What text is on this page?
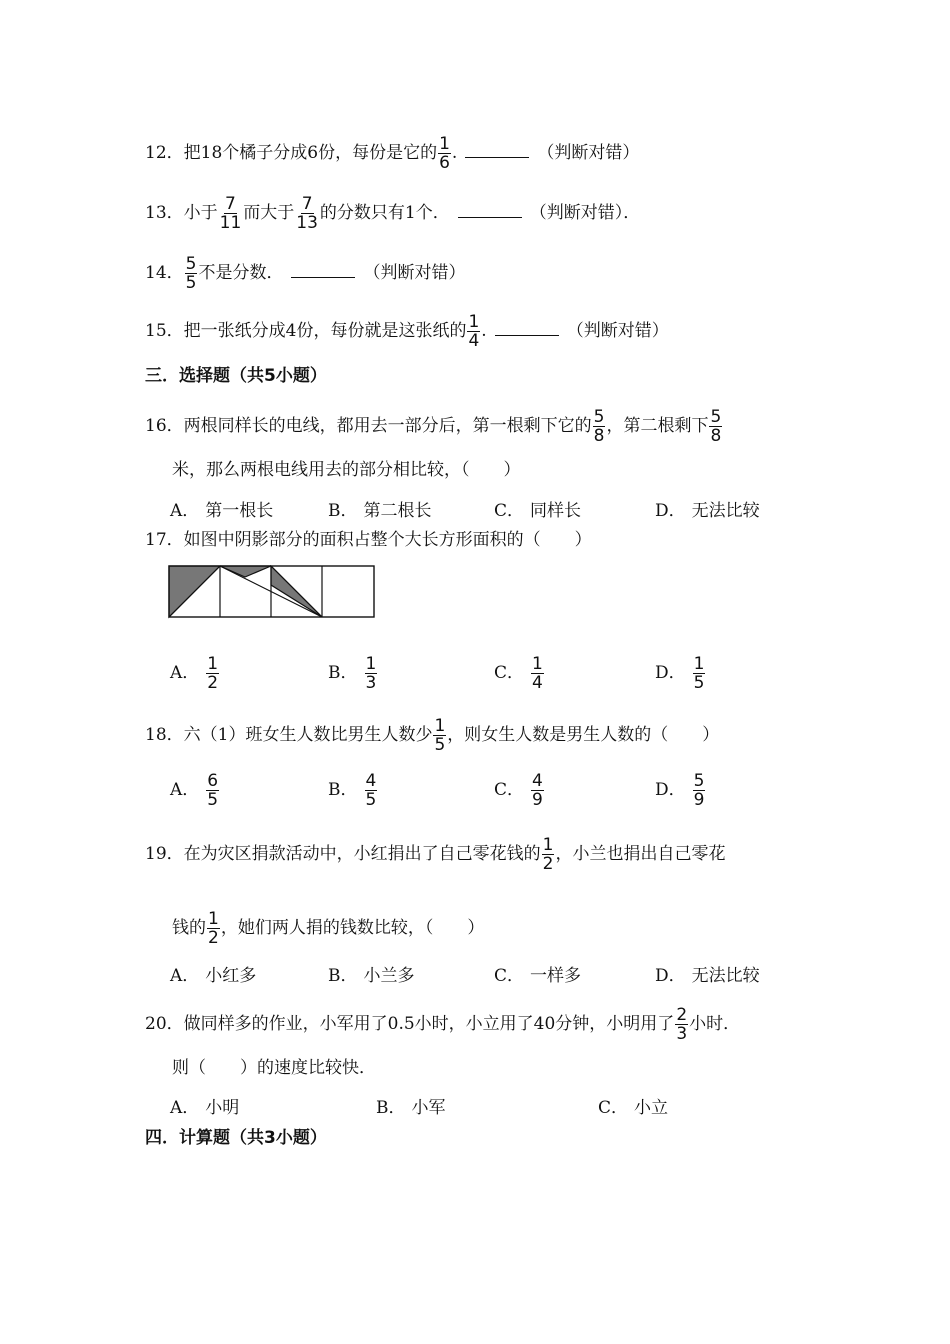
12．把18个橘子分成6份，每份是它的 $\frac{1}{6}$ .	（判断对错）
13．小于 $\frac{7}{11}$ 而大于 $\frac{7}{13}$ 的分数只有1个．	（判断对错）．
14． $\frac{5}{5}$ 不是分数．	（判断对错）
15．把一张纸分成4份，每份就是这张纸的 $\frac{1}{4}$ .	（判断对错）
三．选择题（共5小题）
16．两根同样长的电线，都用去一部分后，第一根剩下它的 $\frac{5}{8}$ ，第二根剩下 $\frac{5}{8}$
米，那么两根电线用去的部分相比较，（　　）
A． 第一根长	B． 第二根长	C． 同样长	D． 无法比较
17．如图中阴影部分的面积占整个大长方形面积的（　　）
A． $\frac{1}{2}$	B． $\frac{1}{3}$	C． $\frac{1}{4}$	D． $\frac{1}{5}$
18．六（1）班女生人数比男生人数少 $\frac{1}{5}$ ，则女生人数是男生人数的（　　）
A． $\frac{6}{5}$	B． $\frac{4}{5}$	C． $\frac{4}{9}$	D． $\frac{5}{9}$
19．在为灾区捐款活动中，小红捐出了自己零花钱的 $\frac{1}{2}$ ，小兰也捐出自己零花
钱的 $\frac{1}{2}$ ，她们两人捐的钱数比较，（　　）
A． 小红多	B． 小兰多	C． 一样多	D． 无法比较
20．做同样多的作业，小军用了0.5小时，小立用了40分钟，小明用了 $\frac{2}{3}$ 小时．
则（　　）的速度比较快．
A． 小明	B． 小军	C． 小立
四．计算题（共3小题）
